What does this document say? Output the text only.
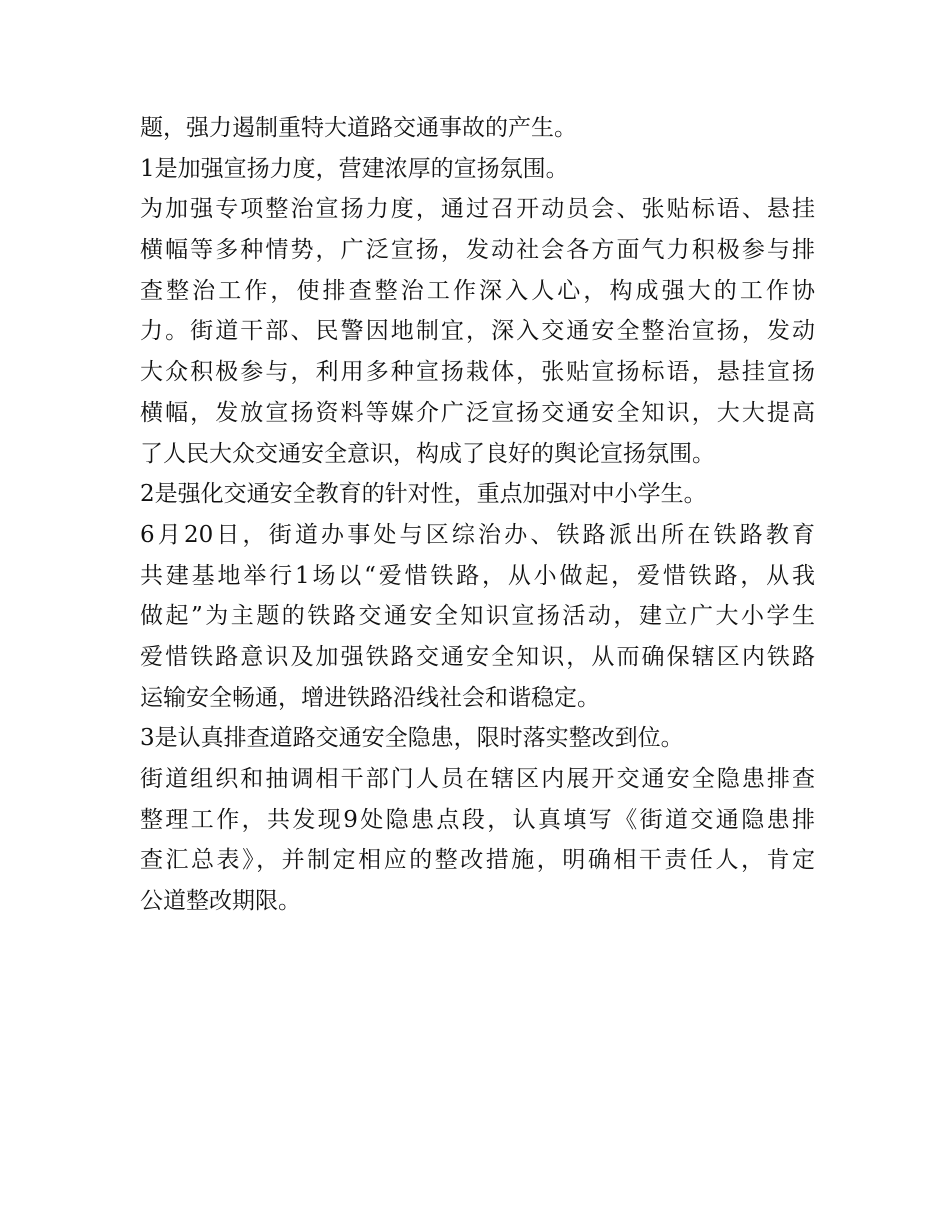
题，强力遏制重特大道路交通事故的产生。
1是加强宣扬力度，营建浓厚的宣扬氛围。
为加强专项整治宣扬力度，通过召开动员会、张贴标语、悬挂
横幅等多种情势，广泛宣扬，发动社会各方面气力积极参与排
查整治工作，使排查整治工作深入人心，构成强大的工作协
力。街道干部、民警因地制宜，深入交通安全整治宣扬，发动
大众积极参与，利用多种宣扬栽体，张贴宣扬标语，悬挂宣扬
横幅，发放宣扬资料等媒介广泛宣扬交通安全知识，大大提高
了人民大众交通安全意识，构成了良好的舆论宣扬氛围。
2是强化交通安全教育的针对性，重点加强对中小学生。
6月20日，街道办事处与区综治办、铁路派出所在铁路教育
共建基地举行1场以“爱惜铁路，从小做起，爱惜铁路，从我
做起”为主题的铁路交通安全知识宣扬活动，建立广大小学生
爱惜铁路意识及加强铁路交通安全知识，从而确保辖区内铁路
运输安全畅通，增进铁路沿线社会和谐稳定。
3是认真排查道路交通安全隐患，限时落实整改到位。
街道组织和抽调相干部门人员在辖区内展开交通安全隐患排查
整理工作，共发现9处隐患点段，认真填写《街道交通隐患排
查汇总表》，并制定相应的整改措施，明确相干责任人，肯定
公道整改期限。
